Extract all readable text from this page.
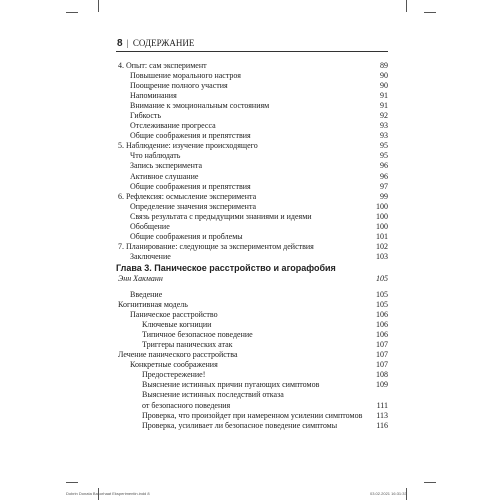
8 | СОДЕРЖАНИЕ
4. Опыт: сам эксперимент	89
Повышение морального настроя	90
Поощрение полного участия	90
Напоминания	91
Внимание к эмоциональным состояниям	91
Гибкость	92
Отслеживание прогресса	93
Общие соображения и препятствия	93
5. Наблюдение: изучение происходящего	95
Что наблюдать	95
Запись эксперимента	96
Активное слушание	96
Общие соображения и препятствия	97
6. Рефлексия: осмысление эксперимента	99
Определение значения эксперимента	100
Связь результата с предыдущими знаниями и идеями	100
Обобщение	100
Общие соображения и проблемы	101
7. Планирование: следующие за экспериментом действия	102
Заключение	103
Глава 3. Паническое расстройство и агорафобия
Энн Хакманн	105
Введение	105
Когнитивная модель	105
Паническое расстройство	106
Ключевые когниции	106
Типичное безопасное поведение	106
Триггеры панических атак	107
Лечение панического расстройства	107
Конкретные соображения	107
Предостережение!	108
Выяснение истинных причин пугающих симптомов	109
Выяснение истинных последствий отказа
от безопасного поведения	111
Проверка, что произойдет при намеренном усилении симптомов 113
Проверка, усиливает ли безопасное поведение симптомы	116
Dobrin Donata Bakorhaat Eksperimentin.indd 8	03.02.2021 16:31:33
